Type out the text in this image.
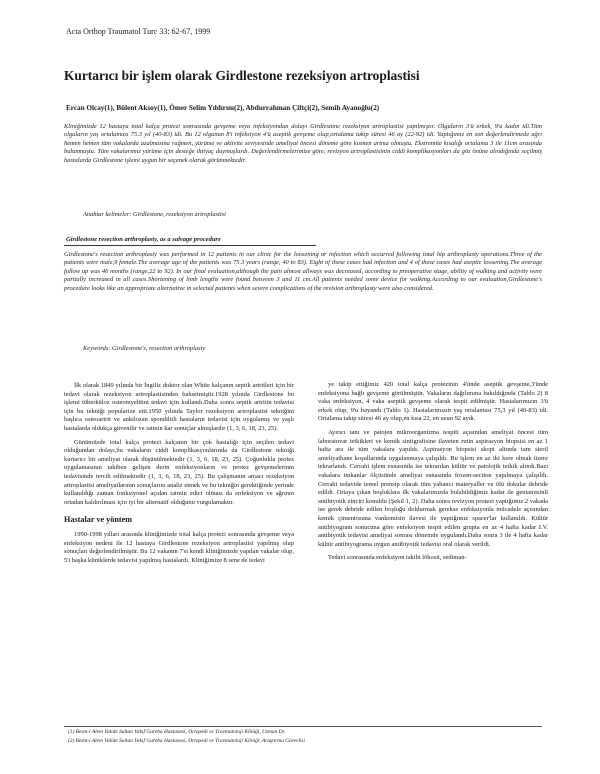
Acta Orthop Traumatol Turc 33: 62-67, 1999
Kurtarıcı bir işlem olarak Girdlestone rezeksiyon artroplastisi
Ercan Olcay(1), Bülent Aksoy(1), Ömer Selim Yıldırım(2), Abdurrahman Çiftçi(2), Semih Ayanoğlu(2)

Kliniğimizde 12 hastaya total kalça protezi sonrasında gevşeme veya infeksiyondan dolayı Girdlestone rezeksiyon artroplastisi yapılmıştır. Olguların 3'ü erkek, 9'u kadın idi.Tüm olguların yaş ortalaması 75.3 yıl (40-83) idi. Bu 12 olgunun 8'i infeksiyon 4'ü aseptik gevşeme olup,ortalama takip süresi 46 ay (22-92) idi. Yaptığımız en son değerlendirmede ağrı hemen hemen tüm vakalarda azalmasına rağmen, yürüme ve aktivite seviyesinde ameliyat öncesi döneme göre kısmen artma olmuştu. Ekstremite kısalığı ortalama 3 ile 11cm arasında bulunmuştu. Tüm vakalarımız yürüme için desteğe ihtiyaç duymuşlardı. Değerlendirmelerimize göre, revizyon artroplastisinin ciddi komplikasyonları da göz önüne alındığında seçilmiş hastalarda Girdlestone işlemi uygun bir seçenek olarak görünmektedir.

Anahtar kelimeler: Girdlestone, rezeksiyon artroplastisi

Girdlestone resection arthroplasty, as a salvage procedure

Girdlestone's resection arthroplasty was performed in 12 patients in our clinic for the loosening or infection which occurred following total hip arthroplasty operations.Three of the patients were male,9 female.The average age of the patients was 75.3 years (range, 40 to 83). Eight of these cases had infection and 4 of these cases had aseptic loosening.The average follow up was 46 months (range,22 to 92). In our final evaluation,although the pain almost allways was decreased, according to preoperative stage, ability of walking and activity were partially increased in all cases.Shortening of limb lengths were found between 3 and 11 cm.All patients needed some device for walking.According to our evaluation,Girdlestone's procedure looks like an appropriate alternative in selected patients when severe complications of the revision arthroplasty were also considered.

Keywords: Girdlestone's, resection arthroplasty

İlk olarak 1849 yılında bir İngiliz doktor olan White kalçanın septik artritleri için bir tedavi olarak rezeksiyon artroplastisinden bahsetmiştir.1928 yılında Girdlestone bu işlemi tüberküloz osteomyelitini tedavi için kullandı.Daha sonra septik artritin tedavisi için bu tekniği popularize etti.1950 yılında Taylor rezeksiyon artroplastisi tekniğini başlıca osteoartrit ve ankilozan spondilitli hastaların tedavisi için uygulamış ve yaşlı hastalarda oldukça güvenilir ve tatmin kar sonuçlar almışlardır (1, 3, 6, 18, 23, 25).

Günümüzde total kalça protezi kalçanın bir çok hastalığı için seçilen tedavi olduğundan dolayı,bu vakaların ciddi komplikasyonlarında da Girdlestone tekniği kurtarıcı bir ameliyat olarak düşünülmektedir (1, 3, 6, 18, 23, 25). Çoğunlukla protez uygulamasının takiben gelişen derin enfeksiyonların ve protez gevşemelerinin tedavisinde tercih edilmektedir (1, 3, 6, 18, 23, 25). Bu çalışmanın amacı rezeksiyon artroplastisi ameliyatlarının sonuçlarını analiz etmek ve bu tekniğin gerektiğinde yerinde kullanıldığı zaman fonksiyonel açıdan tatmin edici olması da enfeksiyon ve ağrının ortadan kaldırılması için iyi bir alternatif olduğunu vurgulamaktır.

Hastalar ve yöntem

1990-1998 yılları arasında kliniğimizde total kalça protezi sonrasında gevşeme veya enfeksiyon nedeni ile 12 hastaya Girdlestone rezeksiyon artroplastisi yapılmış olup sonuçları değerlendirilmiştir. Bu 12 vakanın 7'si kendi kliniğimizde yapılan vakalar olup, 5'i başka kliniklerde tedavisi yapılmış hastalardı. Kliniğimize 8 sene de tedavi

ye takip ettiğimiz 420 total kalça protezinin 4'ünde aseptik gevşeme,3'ünde enfeksiyona bağlı gevşeme görülmüştür. Vakaların dağılımına bakıldığında (Tablo 2) 8 vaka enfeksiyon, 4 vaka aseptik gevşeme olarak tespit edilmiştir. Hastalarımızın 3'ü erkek olup, 9'u bayandı (Tablo 1). Hastalarımızın yaş ortalaması 75,3 yıl (40-83) idi. Ortalama takip süresi 46 ay olup,en kısa 22, en uzun 92 aydı.

Ayırıcı tanı ve patojen mikroorganizma tespiti açısından ameliyat öncesi tüm laboratuvar tetkikleri ve kemik sintigrafisine ilaveten rutin aspirasyon biopsisi en az 1 hafta ara ile tüm vakalara yapıldı. Aspirasyon biopsisi skopi altında tam steril ameliyathane koşullarında uygulanmaya çalışıldı. Bu işlem en az iki kere olmak üzere tekrarlandı. Cerrahi işlem esnasında ise tekrardan kültür ve patolojik tetkik alındı.Bazı vakalara imkanlar ölçüsünde ameliyat esnasında frozen-section yapılmaya çalışıldı. Cerrahi tedavide temel prensip olarak tüm yabancı materyaller ve ölü dokular debride edildi. Ortaya çıkan boşluklara ilk vakalarımızda bulabildiğimiz kadar ile gentamisinli antibiyotik zinciri konuldu (Şekil 1, 2). Daha sonra revizyon protezi yaptığımız 2 vakada ise gerek debride edilen boşluğu doldurmak gerekse enfeksiyonla mücadele açısından kemik çimentosuna vankomisin ilavesi ile yaptığımız spacer'lar kullanıldı. Kültür antibiyogram sonucuna göre enfeksiyon tespit edilen grupta en az 4 hafta kadar I.V. antibiyotik tedavisi ameliyat sonrası dönemde uygulandı.Daha sonra 3 ile 4 hafta kadar kültür antibiyograma uygun antibiyotik tedavisi oral olarak verildi.

Tedavi sonrasında enfeksiyon takibi lökosit, sediman-

(1) Bezm-i Alem Valide Sultan Vakıf Gureba Hastanesi, Ortopedi ve Travmatoloji Kliniği, Uzman Dr.
(2) Bezm-i Alem Valide Sultan Vakıf Gureba Hastanesi, Ortopedi ve Travmatoloji Kliniği, Araştırma Görevlisi
